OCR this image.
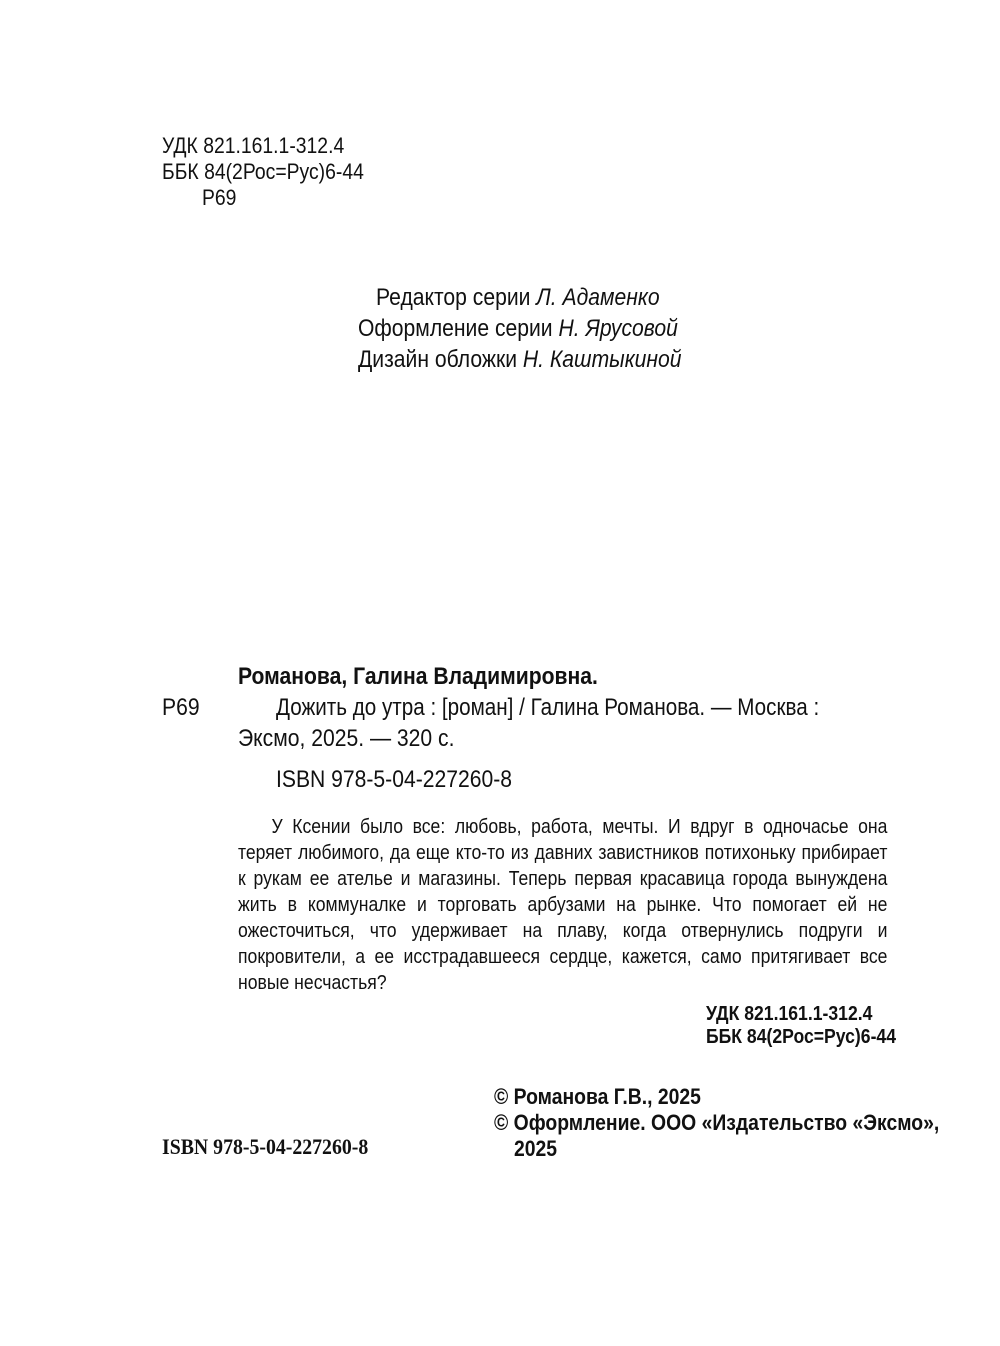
УДК 821.161.1-312.4
ББК 84(2Рос=Рус)6-44
Р69
Редактор серии Л. Адаменко
Оформление серии Н. Ярусовой
Дизайн обложки Н. Каштыкиной
Романова, Галина Владимировна.
Р69	Дожить до утра : [роман] / Галина Романова. — Москва :
Эксмо, 2025. — 320 с.
ISBN 978-5-04-227260-8

У Ксении было все: любовь, работа, мечты. И вдруг в одночасье она теряет любимого, да еще кто-то из давних завистников потихоньку прибирает к рукам ее ателье и магазины. Теперь первая красавица города вынуждена жить в коммуналке и торговать арбузами на рынке. Что помогает ей не ожесточиться, что удерживает на плаву, когда отвернулись подруги и покровители, а ее исстрадавшееся сердце, кажется, само притягивает все новые несчастья?

УДК 821.161.1-312.4
ББК 84(2Рос=Рус)6-44
ISBN 978-5-04-227260-8
© Романова Г.В., 2025
© Оформление. ООО «Издательство «Эксмо»,
2025
